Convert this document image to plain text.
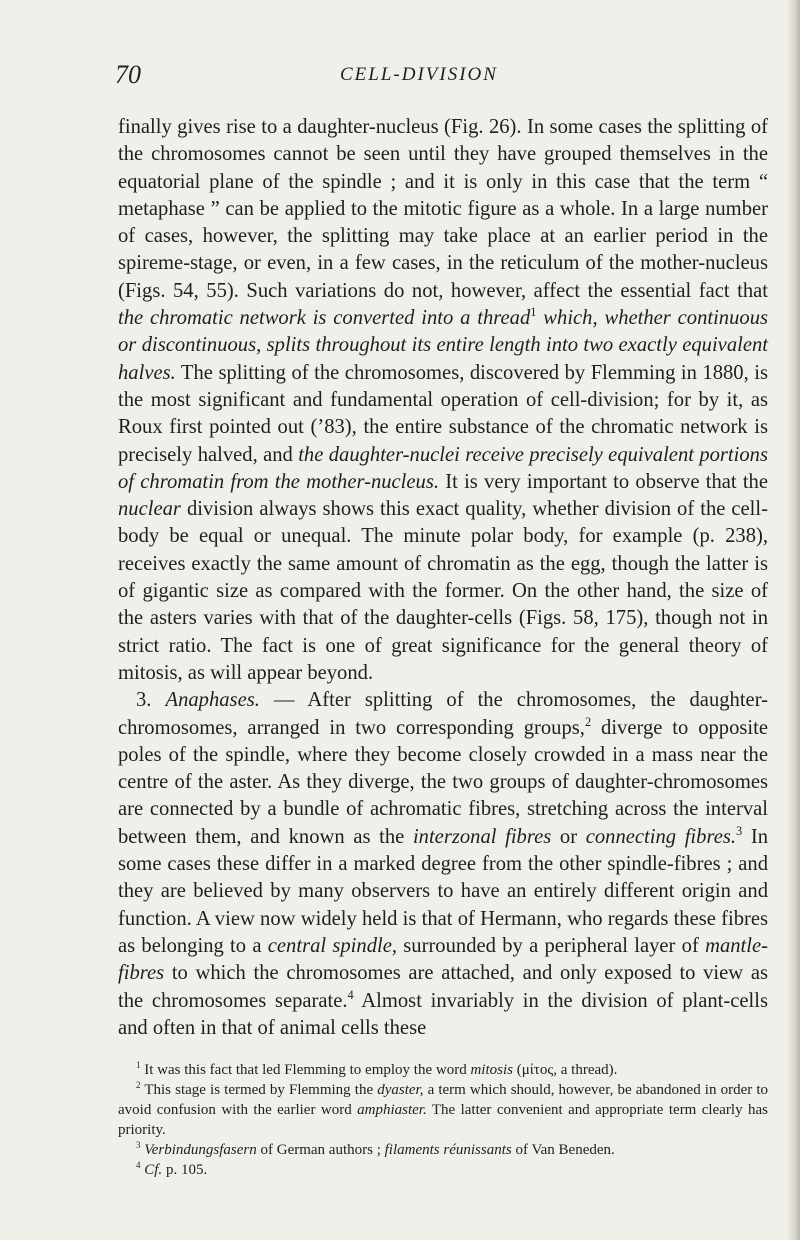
70	CELL-DIVISION

finally gives rise to a daughter-nucleus (Fig. 26). In some cases the splitting of the chromosomes cannot be seen until they have grouped themselves in the equatorial plane of the spindle ; and it is only in this case that the term “ metaphase ” can be applied to the mitotic figure as a whole. In a large number of cases, however, the splitting may take place at an earlier period in the spireme-stage, or even, in a few cases, in the reticulum of the mother-nucleus (Figs. 54, 55). Such variations do not, however, affect the essential fact that the chromatic network is converted into a thread$^1$ which, whether continuous or discontinuous, splits throughout its entire length into two exactly equivalent halves. The splitting of the chromosomes, discovered by Flemming in 1880, is the most significant and fundamental operation of cell-division; for by it, as Roux first pointed out (’83), the entire substance of the chromatic network is precisely halved, and the daughter-nuclei receive precisely equivalent portions of chromatin from the mother-nucleus. It is very important to observe that the nuclear division always shows this exact quality, whether division of the cell-body be equal or unequal. The minute polar body, for example (p. 238), receives exactly the same amount of chromatin as the egg, though the latter is of gigantic size as compared with the former. On the other hand, the size of the asters varies with that of the daughter-cells (Figs. 58, 175), though not in strict ratio. The fact is one of great significance for the general theory of mitosis, as will appear beyond.

3. Anaphases. — After splitting of the chromosomes, the daughter-chromosomes, arranged in two corresponding groups,$^2$ diverge to opposite poles of the spindle, where they become closely crowded in a mass near the centre of the aster. As they diverge, the two groups of daughter-chromosomes are connected by a bundle of achromatic fibres, stretching across the interval between them, and known as the interzonal fibres or connecting fibres.$^3$ In some cases these differ in a marked degree from the other spindle-fibres ; and they are believed by many observers to have an entirely different origin and function. A view now widely held is that of Hermann, who regards these fibres as belonging to a central spindle, surrounded by a peripheral layer of mantle-fibres to which the chromosomes are attached, and only exposed to view as the chromosomes separate.$^4$ Almost invariably in the division of plant-cells and often in that of animal cells these

$^1$ It was this fact that led Flemming to employ the word mitosis (μίτος, a thread).

$^2$ This stage is termed by Flemming the dyaster, a term which should, however, be abandoned in order to avoid confusion with the earlier word amphiaster. The latter convenient and appropriate term clearly has priority.

$^3$ Verbindungsfasern of German authors ; filaments réunissants of Van Beneden.

$^4$ Cf. p. 105.
